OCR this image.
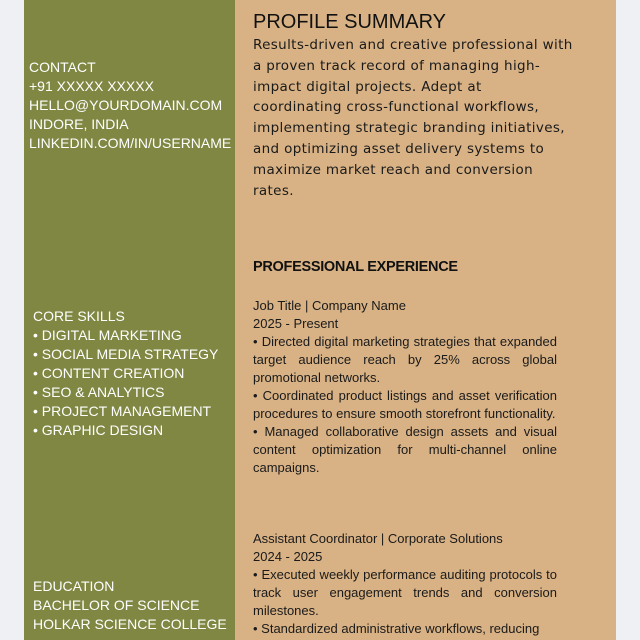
CONTACT
+91 XXXXX XXXXX
HELLO@YOURDOMAIN.COM
INDORE, INDIA
LINKEDIN.COM/IN/USERNAME
CORE SKILLS
• DIGITAL MARKETING
• SOCIAL MEDIA STRATEGY
• CONTENT CREATION
• SEO & ANALYTICS
• PROJECT MANAGEMENT
• GRAPHIC DESIGN
EDUCATION
BACHELOR OF SCIENCE
HOLKAR SCIENCE COLLEGE
PROFILE SUMMARY
Results-driven and creative professional with a proven track record of managing high-impact digital projects. Adept at coordinating cross-functional workflows, implementing strategic branding initiatives, and optimizing asset delivery systems to maximize market reach and conversion rates.
PROFESSIONAL EXPERIENCE
Job Title | Company Name
2025 - Present
• Directed digital marketing strategies that expanded target audience reach by 25% across global promotional networks.
• Coordinated product listings and asset verification procedures to ensure smooth storefront functionality.
• Managed collaborative design assets and visual content optimization for multi-channel online campaigns.
Assistant Coordinator | Corporate Solutions
2024 - 2025
• Executed weekly performance auditing protocols to track user engagement trends and conversion milestones.
• Standardized administrative workflows, reducing
